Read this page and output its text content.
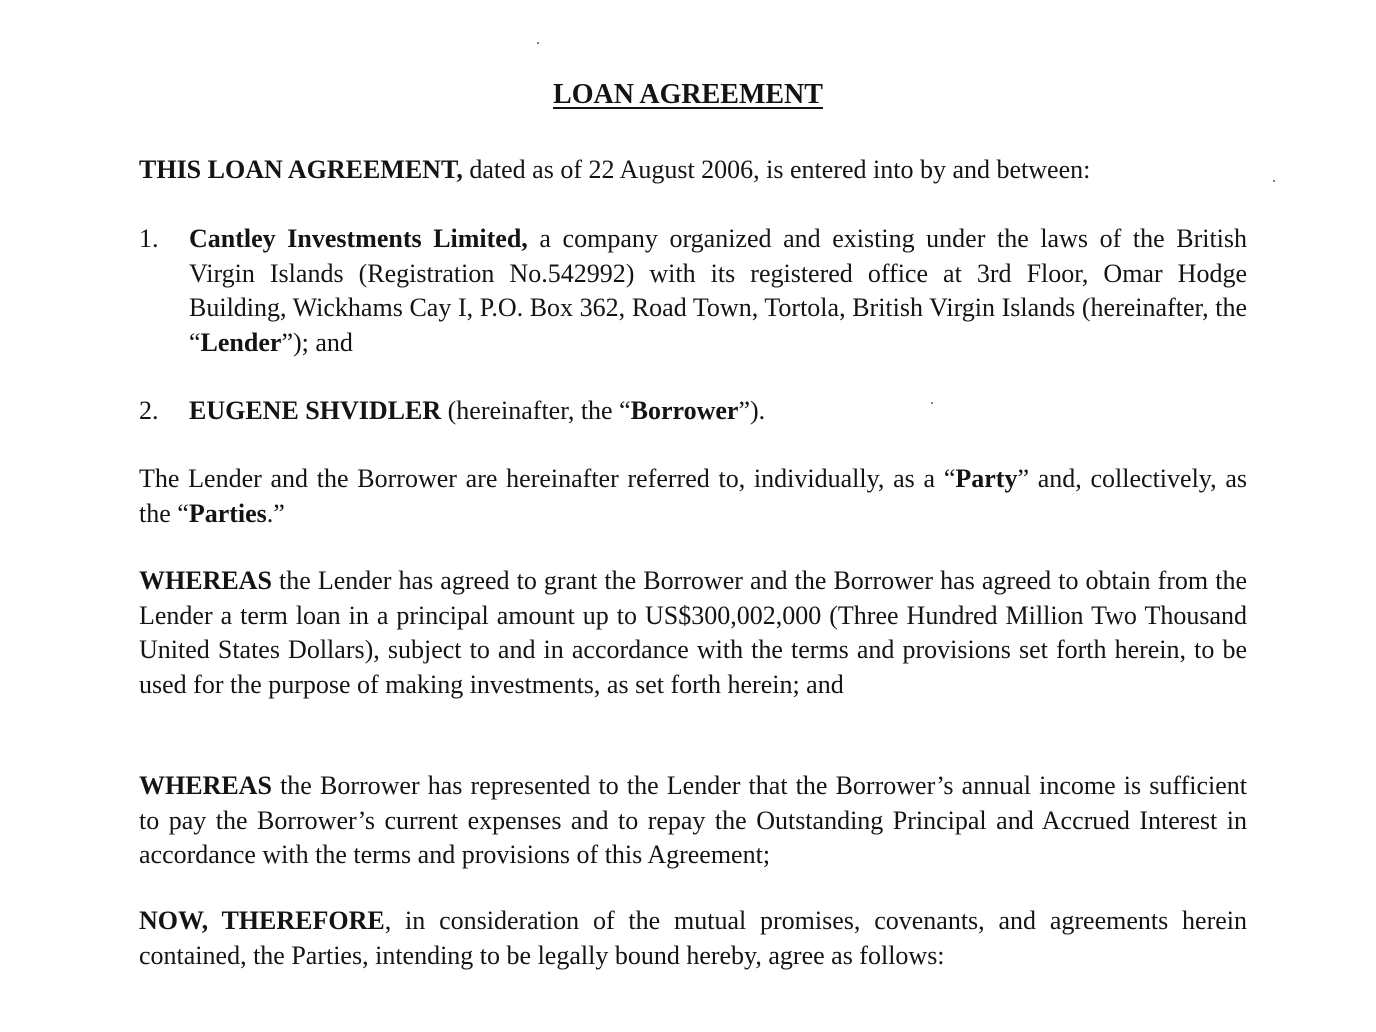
LOAN AGREEMENT
THIS LOAN AGREEMENT, dated as of 22 August 2006, is entered into by and between:
1.	Cantley Investments Limited, a company organized and existing under the laws of the British Virgin Islands (Registration No.542992) with its registered office at 3rd Floor, Omar Hodge Building, Wickhams Cay I, P.O. Box 362, Road Town, Tortola, British Virgin Islands (hereinafter, the “Lender”); and
2.	EUGENE SHVIDLER (hereinafter, the “Borrower”).
The Lender and the Borrower are hereinafter referred to, individually, as a “Party” and, collectively, as the “Parties.”
WHEREAS the Lender has agreed to grant the Borrower and the Borrower has agreed to obtain from the Lender a term loan in a principal amount up to US$300,002,000 (Three Hundred Million Two Thousand United States Dollars), subject to and in accordance with the terms and provisions set forth herein, to be used for the purpose of making investments, as set forth herein; and
WHEREAS the Borrower has represented to the Lender that the Borrower’s annual income is sufficient to pay the Borrower’s current expenses and to repay the Outstanding Principal and Accrued Interest in accordance with the terms and provisions of this Agreement;
NOW, THEREFORE, in consideration of the mutual promises, covenants, and agreements herein contained, the Parties, intending to be legally bound hereby, agree as follows:
